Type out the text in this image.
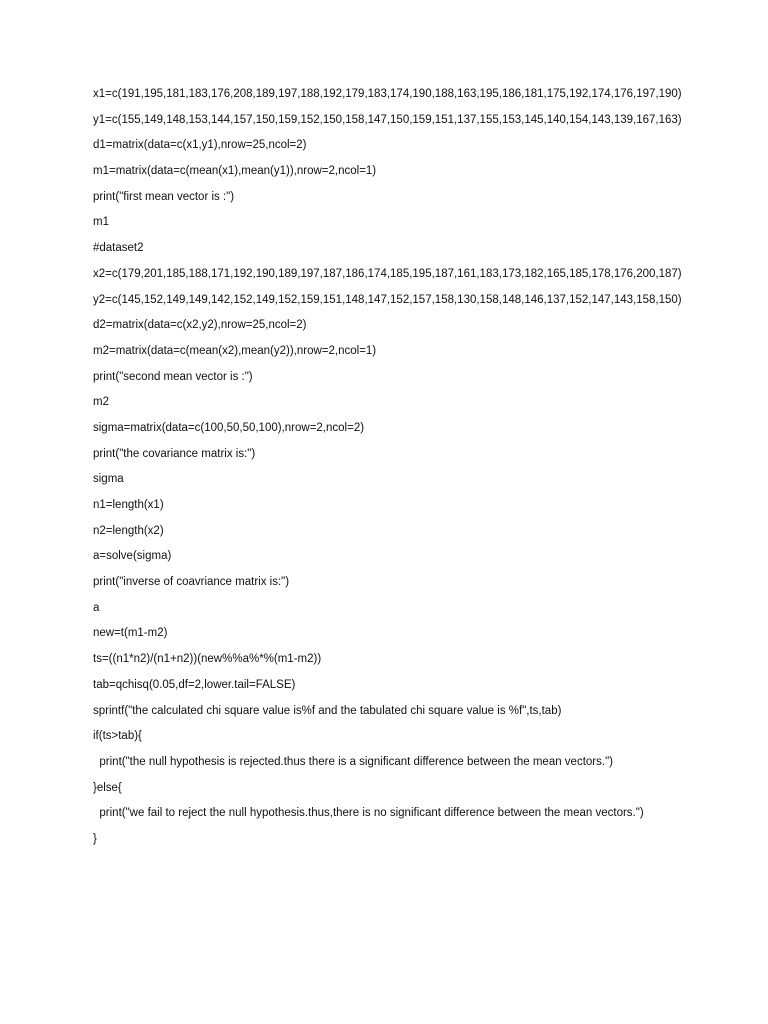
x1=c(191,195,181,183,176,208,189,197,188,192,179,183,174,190,188,163,195,186,181,175,192,174,176,197,190)

y1=c(155,149,148,153,144,157,150,159,152,150,158,147,150,159,151,137,155,153,145,140,154,143,139,167,163)

d1=matrix(data=c(x1,y1),nrow=25,ncol=2)

m1=matrix(data=c(mean(x1),mean(y1)),nrow=2,ncol=1)

print("first mean vector is :")

m1

#dataset2

x2=c(179,201,185,188,171,192,190,189,197,187,186,174,185,195,187,161,183,173,182,165,185,178,176,200,187)

y2=c(145,152,149,149,142,152,149,152,159,151,148,147,152,157,158,130,158,148,146,137,152,147,143,158,150)

d2=matrix(data=c(x2,y2),nrow=25,ncol=2)

m2=matrix(data=c(mean(x2),mean(y2)),nrow=2,ncol=1)

print("second mean vector is :")

m2

sigma=matrix(data=c(100,50,50,100),nrow=2,ncol=2)

print("the covariance matrix is:")

sigma

n1=length(x1)

n2=length(x2)

a=solve(sigma)

print("inverse of coavriance matrix is:")

a

new=t(m1-m2)

ts=((n1*n2)/(n1+n2))(new%%a%*%(m1-m2))

tab=qchisq(0.05,df=2,lower.tail=FALSE)

sprintf("the calculated chi square value is%f and the tabulated chi square value is %f",ts,tab)

if(ts>tab){

print("the null hypothesis is rejected.thus there is a significant difference between the mean vectors.")

}else{

print("we fail to reject the null hypothesis.thus,there is no significant difference between the mean vectors.")

}
